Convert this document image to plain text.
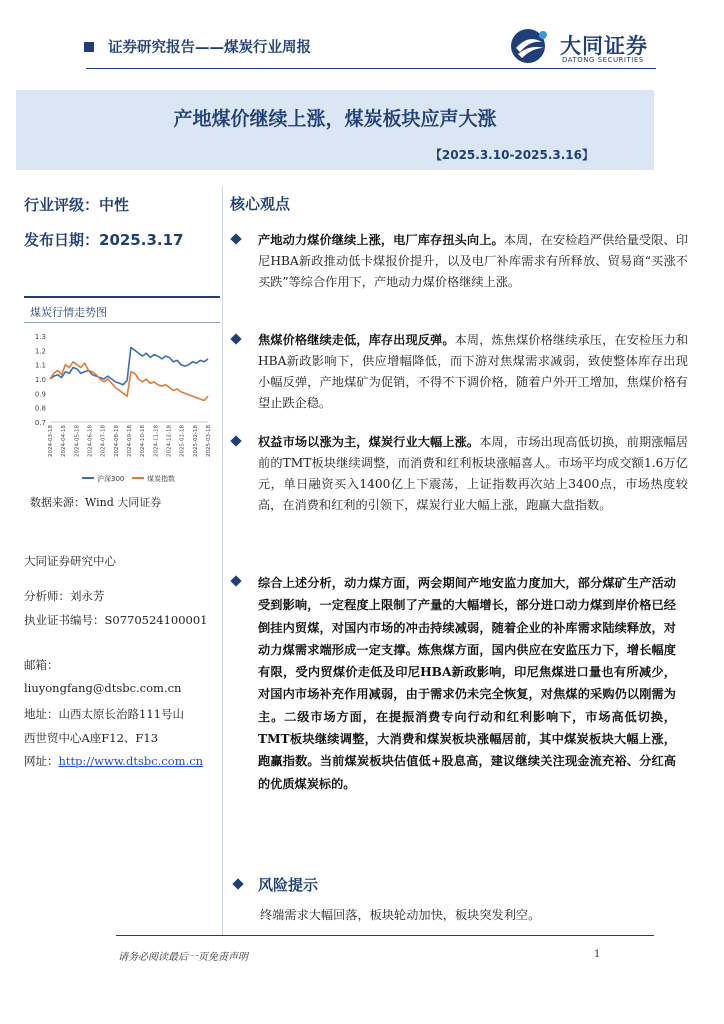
证券研究报告——煤炭行业周报	大同证券
DATONG SECURITIES
产地煤价继续上涨，煤炭板块应声大涨
【2025.3.10-2025.3.16】
行业评级：中性
发布日期：2025.3.17
煤炭行情走势图
1.3
1.2
1.1
1.0
0.9
0.8
0.7
2024-03-18 2024-04-18 2024-05-18 2024-06-18 2024-07-18 2024-08-18 2024-09-18 2024-10-18 2024-11-18 2024-12-18 2025-01-18 2025-02-18 2025-03-18
沪深300	煤炭指数
数据来源：Wind 大同证券
大同证券研究中心
分析师：刘永芳
执业证书编号：S0770524100001
邮箱：
liuyongfang@dtsbc.com.cn
地址：山西太原长治路111号山
西世贸中心A座F12、F13
网址：http://www.dtsbc.com.cn
核心观点
产地动力煤价继续上涨，电厂库存扭头向上。本周，在安检趋严供给量受限、印尼HBA新政推动低卡煤报价提升，以及电厂补库需求有所释放、贸易商“买涨不买跌”等综合作用下，产地动力煤价格继续上涨。
焦煤价格继续走低，库存出现反弹。本周，炼焦煤价格继续承压，在安检压力和HBA新政影响下，供应增幅降低，而下游对焦煤需求减弱，致使整体库存出现小幅反弹，产地煤矿为促销，不得不下调价格，随着户外开工增加，焦煤价格有望止跌企稳。
权益市场以涨为主，煤炭行业大幅上涨。本周，市场出现高低切换，前期涨幅居前的TMT板块继续调整，而消费和红利板块涨幅喜人。市场平均成交额1.6万亿元，单日融资买入1400亿上下震荡，上证指数再次站上3400点，市场热度较高，在消费和红利的引领下，煤炭行业大幅上涨，跑赢大盘指数。
综合上述分析，动力煤方面，两会期间产地安监力度加大，部分煤矿生产活动受到影响，一定程度上限制了产量的大幅增长，部分进口动力煤到岸价格已经倒挂内贸煤，对国内市场的冲击持续减弱，随着企业的补库需求陆续释放，对动力煤需求端形成一定支撑。炼焦煤方面，国内供应在安监压力下，增长幅度有限，受内贸煤价走低及印尼HBA新政影响，印尼焦煤进口量也有所减少，对国内市场补充作用减弱，由于需求仍未完全恢复，对焦煤的采购仍以刚需为主。二级市场方面，在提振消费专向行动和红利影响下，市场高低切换，TMT板块继续调整，大消费和煤炭板块涨幅居前，其中煤炭板块大幅上涨，跑赢指数。当前煤炭板块估值低+股息高，建议继续关注现金流充裕、分红高的优质煤炭标的。
风险提示
终端需求大幅回落，板块轮动加快，板块突发利空。
请务必阅读最后一页免责声明	1
